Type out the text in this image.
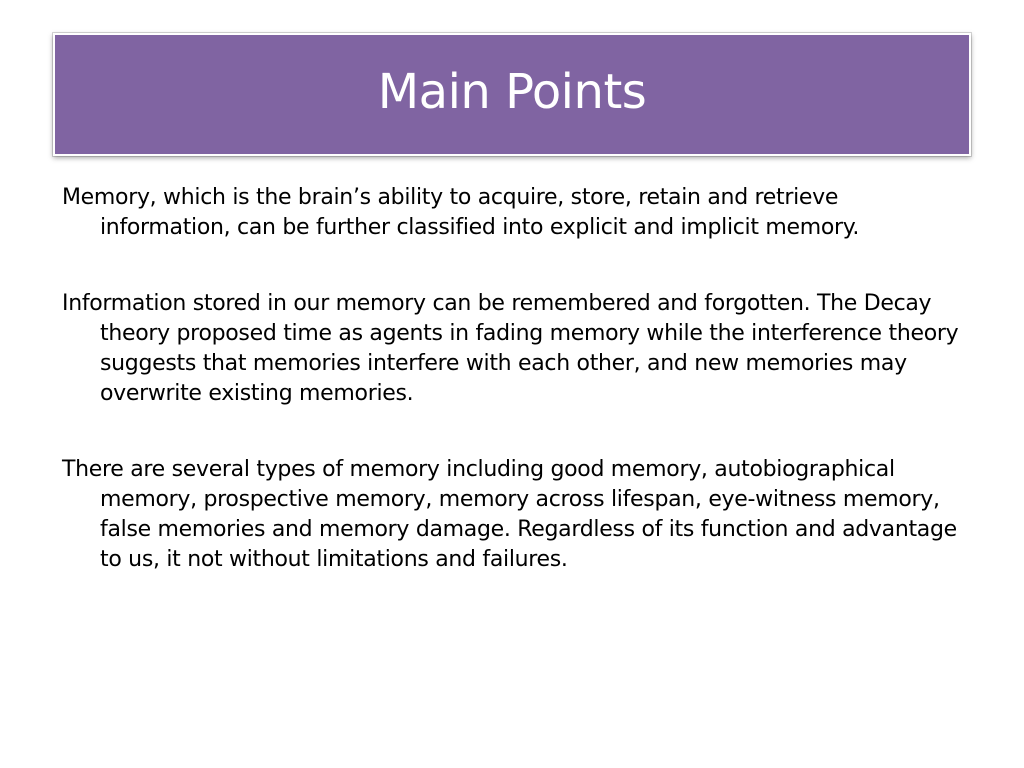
Main Points

Memory, which is the brain’s ability to acquire, store, retain and retrieve information, can be further classified into explicit and implicit memory.

Information stored in our memory can be remembered and forgotten. The Decay theory proposed time as agents in fading memory while the interference theory suggests that memories interfere with each other, and new memories may overwrite existing memories.

There are several types of memory including good memory, autobiographical memory, prospective memory, memory across lifespan, eye-witness memory, false memories and memory damage. Regardless of its function and advantage to us, it not without limitations and failures.
